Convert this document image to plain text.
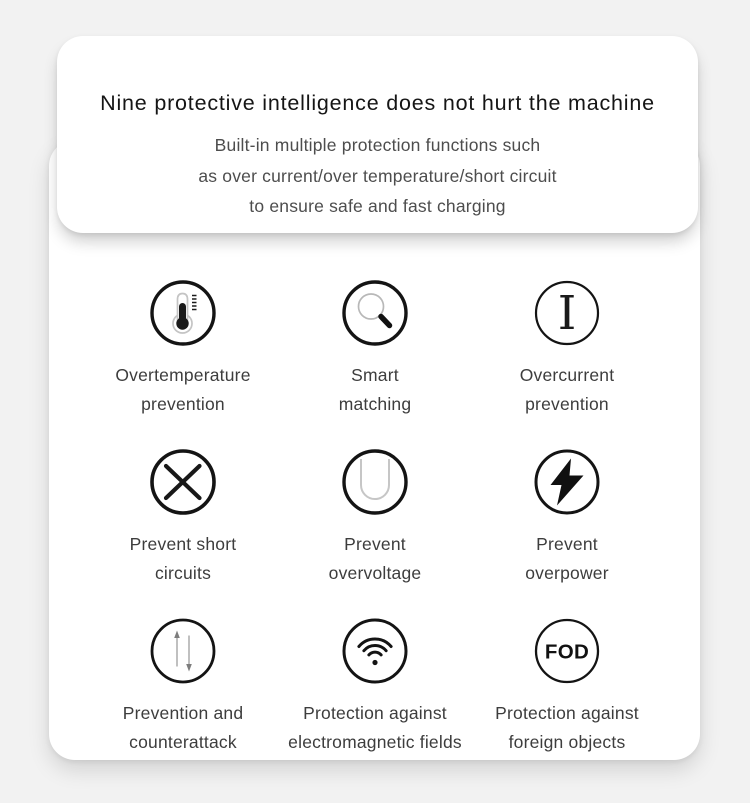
Nine protective intelligence does not hurt the machine
Built-in multiple protection functions such
as over current/over temperature/short circuit
to ensure safe and fast charging
Overtemperature
prevention
Smart
matching
I
Overcurrent
prevention
Prevent short
circuits
Prevent
overvoltage
Prevent
overpower
Prevention and
counterattack
Protection against
electromagnetic fields
FOD
Protection against
foreign objects
